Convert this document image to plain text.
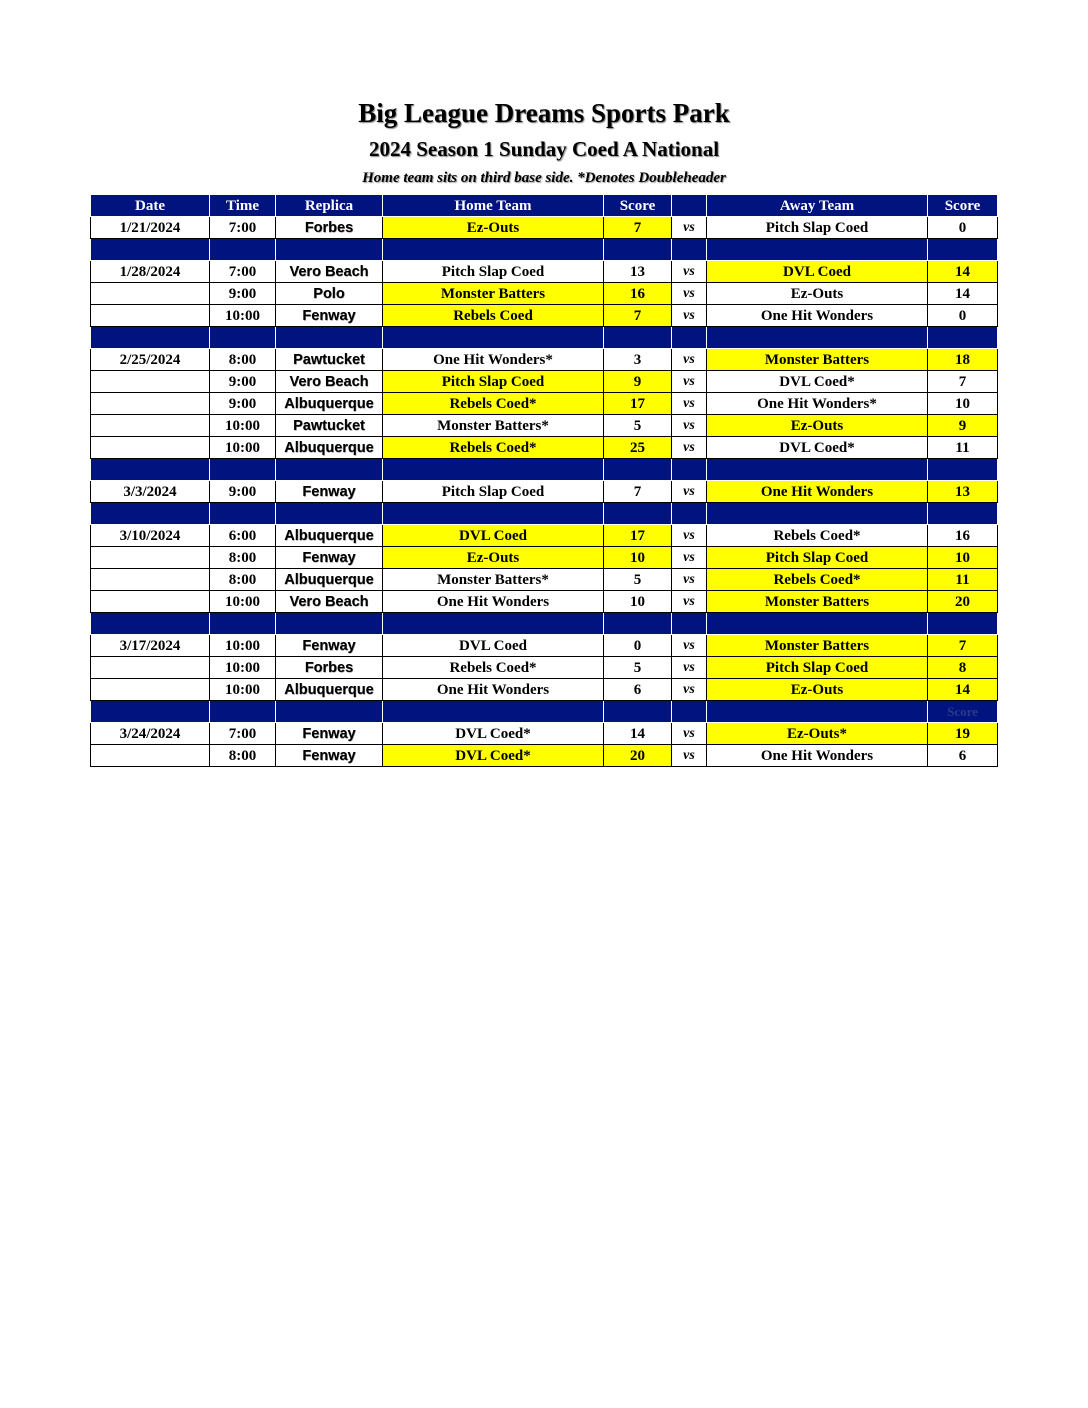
Big League Dreams Sports Park
2024 Season 1 Sunday Coed A National
Home team sits on third base side. *Denotes Doubleheader
Date	Time	Replica	Home Team	Score		Away Team	Score
1/21/2024	7:00	Forbes	Ez-Outs	7	vs	Pitch Slap Coed	0

1/28/2024	7:00	Vero Beach	Pitch Slap Coed	13	vs	DVL Coed	14
	9:00	Polo	Monster Batters	16	vs	Ez-Outs	14
	10:00	Fenway	Rebels Coed	7	vs	One Hit Wonders	0

2/25/2024	8:00	Pawtucket	One Hit Wonders*	3	vs	Monster Batters	18
	9:00	Vero Beach	Pitch Slap Coed	9	vs	DVL Coed*	7
	9:00	Albuquerque	Rebels Coed*	17	vs	One Hit Wonders*	10
	10:00	Pawtucket	Monster Batters*	5	vs	Ez-Outs	9
	10:00	Albuquerque	Rebels Coed*	25	vs	DVL Coed*	11

3/3/2024	9:00	Fenway	Pitch Slap Coed	7	vs	One Hit Wonders	13

3/10/2024	6:00	Albuquerque	DVL Coed	17	vs	Rebels Coed*	16
	8:00	Fenway	Ez-Outs	10	vs	Pitch Slap Coed	10
	8:00	Albuquerque	Monster Batters*	5	vs	Rebels Coed*	11
	10:00	Vero Beach	One Hit Wonders	10	vs	Monster Batters	20

3/17/2024	10:00	Fenway	DVL Coed	0	vs	Monster Batters	7
	10:00	Forbes	Rebels Coed*	5	vs	Pitch Slap Coed	8
	10:00	Albuquerque	One Hit Wonders	6	vs	Ez-Outs	14
							Score
3/24/2024	7:00	Fenway	DVL Coed*	14	vs	Ez-Outs*	19
	8:00	Fenway	DVL Coed*	20	vs	One Hit Wonders	6
